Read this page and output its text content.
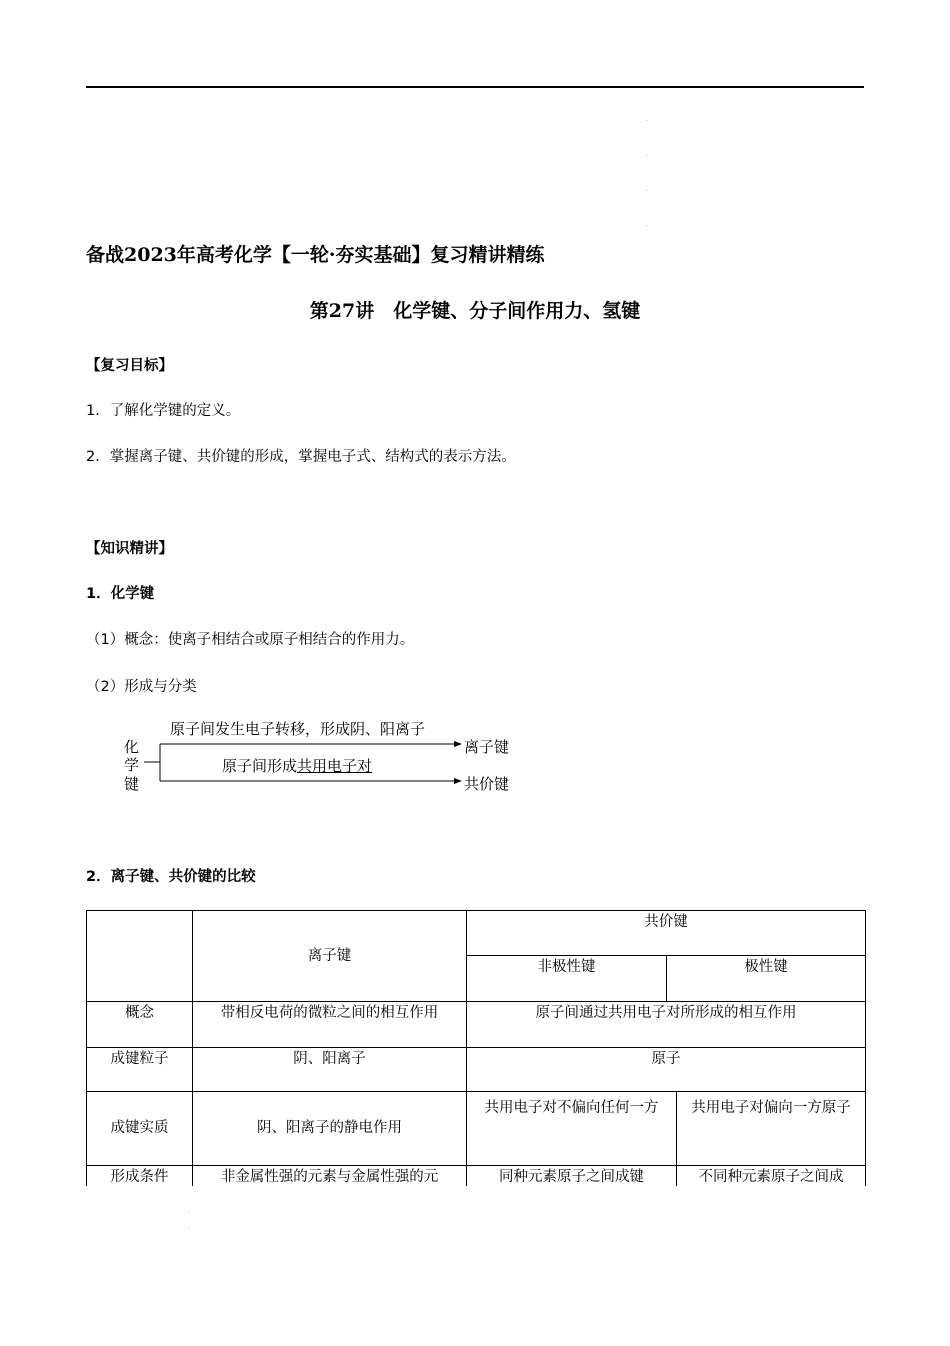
备战2023年高考化学【一轮·夯实基础】复习精讲精练
第27讲　化学键、分子间作用力、氢键
【复习目标】
1．了解化学键的定义。
2．掌握离子键、共价键的形成，掌握电子式、结构式的表示方法。
【知识精讲】
1．化学键
（1）概念：使离子相结合或原子相结合的作用力。
（2）形成与分类
化
学
键
原子间发生电子转移，形成阴、阳离子
离子键
原子间形成共用电子对
共价键
2．离子键、共价键的比较
	离子键	共价键		
		非极性键	极性键	
概念	带相反电荷的微粒之间的相互作用	原子间通过共用电子对所形成的相互作用		
成键粒子	阴、阳离子	原子		
成键实质	阴、阳离子的静电作用	共用电子对不偏向任何一方		共用电子对偏向一方原子
形成条件	非金属性强的元素与金属性强的元	同种元素原子之间成键		不同种元素原子之间成
